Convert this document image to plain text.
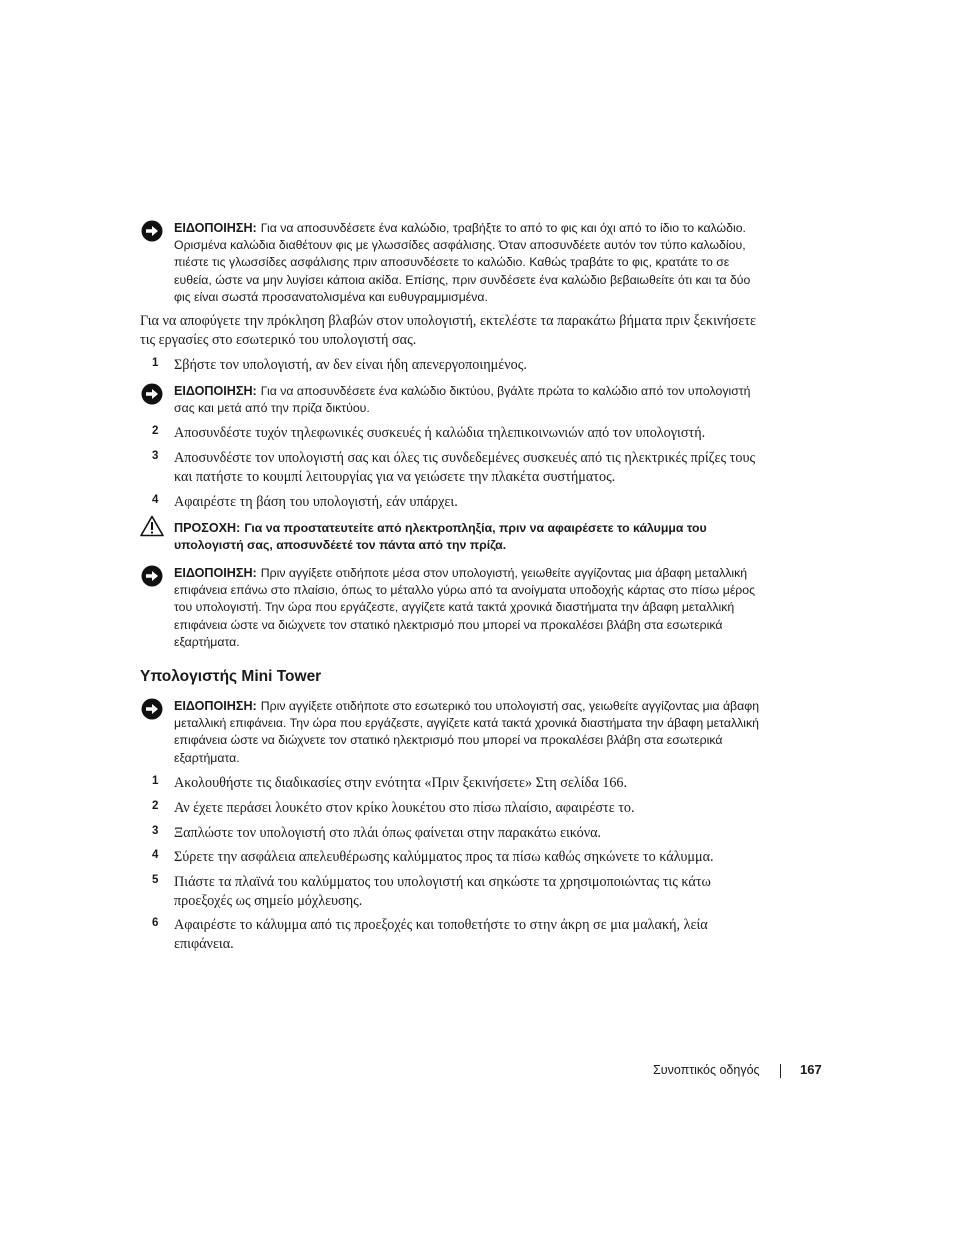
ΕΙΔΟΠΟΙΗΣΗ: Για να αποσυνδέσετε ένα καλώδιο, τραβήξτε το από το φις και όχι από το ίδιο το καλώδιο. Ορισμένα καλώδια διαθέτουν φις με γλωσσίδες ασφάλισης. Όταν αποσυνδέετε αυτόν τον τύπο καλωδίου, πιέστε τις γλωσσίδες ασφάλισης πριν αποσυνδέσετε το καλώδιο. Καθώς τραβάτε το φις, κρατάτε το σε ευθεία, ώστε να μην λυγίσει κάποια ακίδα. Επίσης, πριν συνδέσετε ένα καλώδιο βεβαιωθείτε ότι και τα δύο φις είναι σωστά προσανατολισμένα και ευθυγραμμισμένα.
Για να αποφύγετε την πρόκληση βλαβών στον υπολογιστή, εκτελέστε τα παρακάτω βήματα πριν ξεκινήσετε τις εργασίες στο εσωτερικό του υπολογιστή σας.
1 Σβήστε τον υπολογιστή, αν δεν είναι ήδη απενεργοποιημένος.
ΕΙΔΟΠΟΙΗΣΗ: Για να αποσυνδέσετε ένα καλώδιο δικτύου, βγάλτε πρώτα το καλώδιο από τον υπολογιστή σας και μετά από την πρίζα δικτύου.
2 Αποσυνδέστε τυχόν τηλεφωνικές συσκευές ή καλώδια τηλεπικοινωνιών από τον υπολογιστή.
3 Αποσυνδέστε τον υπολογιστή σας και όλες τις συνδεδεμένες συσκευές από τις ηλεκτρικές πρίζες τους και πατήστε το κουμπί λειτουργίας για να γειώσετε την πλακέτα συστήματος.
4 Αφαιρέστε τη βάση του υπολογιστή, εάν υπάρχει.
ΠΡΟΣΟΧΗ: Για να προστατευτείτε από ηλεκτροπληξία, πριν να αφαιρέσετε το κάλυμμα του υπολογιστή σας, αποσυνδέετέ τον πάντα από την πρίζα.
ΕΙΔΟΠΟΙΗΣΗ: Πριν αγγίξετε οτιδήποτε μέσα στον υπολογιστή, γειωθείτε αγγίζοντας μια άβαφη μεταλλική επιφάνεια επάνω στο πλαίσιο, όπως το μέταλλο γύρω από τα ανοίγματα υποδοχής κάρτας στο πίσω μέρος του υπολογιστή. Την ώρα που εργάζεστε, αγγίζετε κατά τακτά χρονικά διαστήματα την άβαφη μεταλλική επιφάνεια ώστε να διώχνετε τον στατικό ηλεκτρισμό που μπορεί να προκαλέσει βλάβη στα εσωτερικά εξαρτήματα.
Υπολογιστής Mini Tower
ΕΙΔΟΠΟΙΗΣΗ: Πριν αγγίξετε οτιδήποτε στο εσωτερικό του υπολογιστή σας, γειωθείτε αγγίζοντας μια άβαφη μεταλλική επιφάνεια. Την ώρα που εργάζεστε, αγγίζετε κατά τακτά χρονικά διαστήματα την άβαφη μεταλλική επιφάνεια ώστε να διώχνετε τον στατικό ηλεκτρισμό που μπορεί να προκαλέσει βλάβη στα εσωτερικά εξαρτήματα.
1 Ακολουθήστε τις διαδικασίες στην ενότητα «Πριν ξεκινήσετε» Στη σελίδα 166.
2 Αν έχετε περάσει λουκέτο στον κρίκο λουκέτου στο πίσω πλαίσιο, αφαιρέστε το.
3 Ξαπλώστε τον υπολογιστή στο πλάι όπως φαίνεται στην παρακάτω εικόνα.
4 Σύρετε την ασφάλεια απελευθέρωσης καλύμματος προς τα πίσω καθώς σηκώνετε το κάλυμμα.
5 Πιάστε τα πλαϊνά του καλύμματος του υπολογιστή και σηκώστε τα χρησιμοποιώντας τις κάτω προεξοχές ως σημείο μόχλευσης.
6 Αφαιρέστε το κάλυμμα από τις προεξοχές και τοποθετήστε το στην άκρη σε μια μαλακή, λεία επιφάνεια.
Συνοπτικός οδηγός	167
